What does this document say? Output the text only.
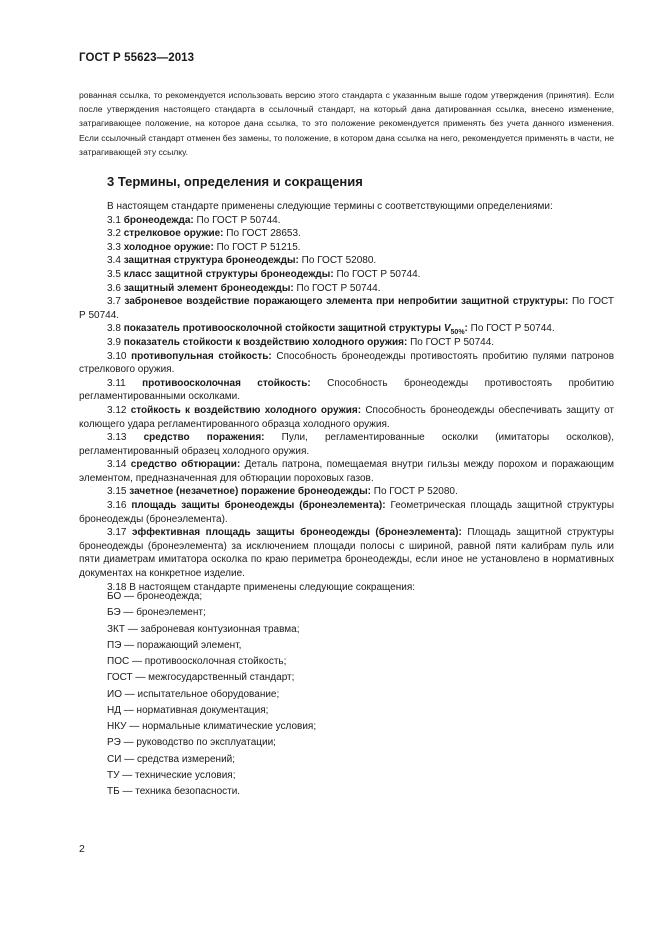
ГОСТ Р 55623—2013

рованная ссылка, то рекомендуется использовать версию этого стандарта с указанным выше годом утверждения (принятия). Если после утверждения настоящего стандарта в ссылочный стандарт, на который дана датированная ссылка, внесено изменение, затрагивающее положение, на которое дана ссылка, то это положение рекомендуется применять без учета данного изменения. Если ссылочный стандарт отменен без замены, то положение, в котором дана ссылка на него, рекомендуется применять в части, не затрагивающей эту ссылку.

3 Термины, определения и сокращения

В настоящем стандарте применены следующие термины с соответствующими определениями:

3.1 бронеодежда: По ГОСТ Р 50744.

3.2 стрелковое оружие: По ГОСТ 28653.

3.3 холодное оружие: По ГОСТ Р 51215.

3.4 защитная структура бронеодежды: По ГОСТ 52080.

3.5 класс защитной структуры бронеодежды: По ГОСТ Р 50744.

3.6 защитный элемент бронеодежды: По ГОСТ Р 50744.

3.7 заброневое воздействие поражающего элемента при непробитии защитной структуры: По ГОСТ Р 50744.

3.8 показатель противоосколочной стойкости защитной структуры $V_{50\%}$: По ГОСТ Р 50744.

3.9 показатель стойкости к воздействию холодного оружия: По ГОСТ Р 50744.

3.10 противопульная стойкость: Способность бронеодежды противостоять пробитию пулями патронов стрелкового оружия.

3.11 противоосколочная стойкость: Способность бронеодежды противостоять пробитию регламентированными осколками.

3.12 стойкость к воздействию холодного оружия: Способность бронеодежды обеспечивать защиту от колющего удара регламентированного образца холодного оружия.

3.13 средство поражения: Пули, регламентированные осколки (имитаторы осколков), регламентированный образец холодного оружия.

3.14 средство обтюрации: Деталь патрона, помещаемая внутри гильзы между порохом и поражающим элементом, предназначенная для обтюрации пороховых газов.

3.15 зачетное (незачетное) поражение бронеодежды: По ГОСТ Р 52080.

3.16 площадь защиты бронеодежды (бронеэлемента): Геометрическая площадь защитной структуры бронеодежды (бронеэлемента).

3.17 эффективная площадь защиты бронеодежды (бронеэлемента): Площадь защитной структуры бронеодежды (бронеэлемента) за исключением площади полосы с шириной, равной пяти калибрам пуль или пяти диаметрам имитатора осколка по краю периметра бронеодежды, если иное не установлено в нормативных документах на конкретное изделие.

3.18 В настоящем стандарте применены следующие сокращения:

БО — бронеодежда;
БЭ — бронеэлемент;
ЗКТ — заброневая контузионная травма;
ПЭ — поражающий элемент,
ПОС — противоосколочная стойкость;
ГОСТ — межгосударственный стандарт;
ИО — испытательное оборудование;
НД — нормативная документация;
НКУ — нормальные климатические условия;
РЭ — руководство по эксплуатации;
СИ — средства измерений;
ТУ — технические условия;
ТБ — техника безопасности.
2
